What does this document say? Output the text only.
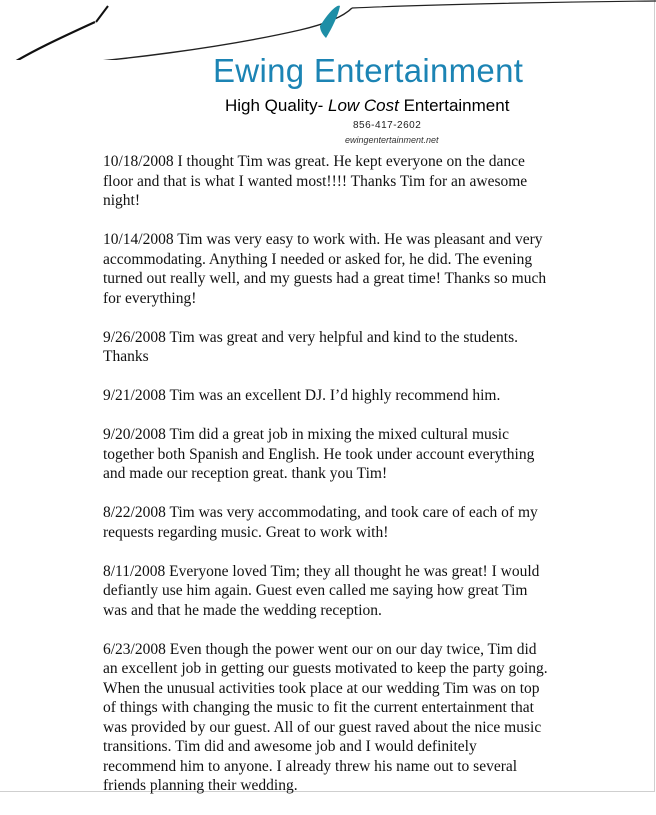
Ewing Entertainment
High Quality- Low Cost Entertainment
856-417-2602
ewingentertainment.net

10/18/2008 I thought Tim was great. He kept everyone on the dance floor and that is what I wanted most!!!! Thanks Tim for an awesome night!

10/14/2008 Tim was very easy to work with. He was pleasant and very accommodating. Anything I needed or asked for, he did. The evening turned out really well, and my guests had a great time! Thanks so much for everything!

9/26/2008 Tim was great and very helpful and kind to the students. Thanks

9/21/2008 Tim was an excellent DJ. I’d highly recommend him.

9/20/2008 Tim did a great job in mixing the mixed cultural music together both Spanish and English. He took under account everything and made our reception great. thank you Tim!

8/22/2008 Tim was very accommodating, and took care of each of my requests regarding music. Great to work with!

8/11/2008 Everyone loved Tim; they all thought he was great! I would defiantly use him again. Guest even called me saying how great Tim was and that he made the wedding reception.

6/23/2008 Even though the power went our on our day twice, Tim did an excellent job in getting our guests motivated to keep the party going. When the unusual activities took place at our wedding Tim was on top of things with changing the music to fit the current entertainment that was provided by our guest. All of our guest raved about the nice music transitions. Tim did and awesome job and I would definitely recommend him to anyone. I already threw his name out to several friends planning their wedding.
